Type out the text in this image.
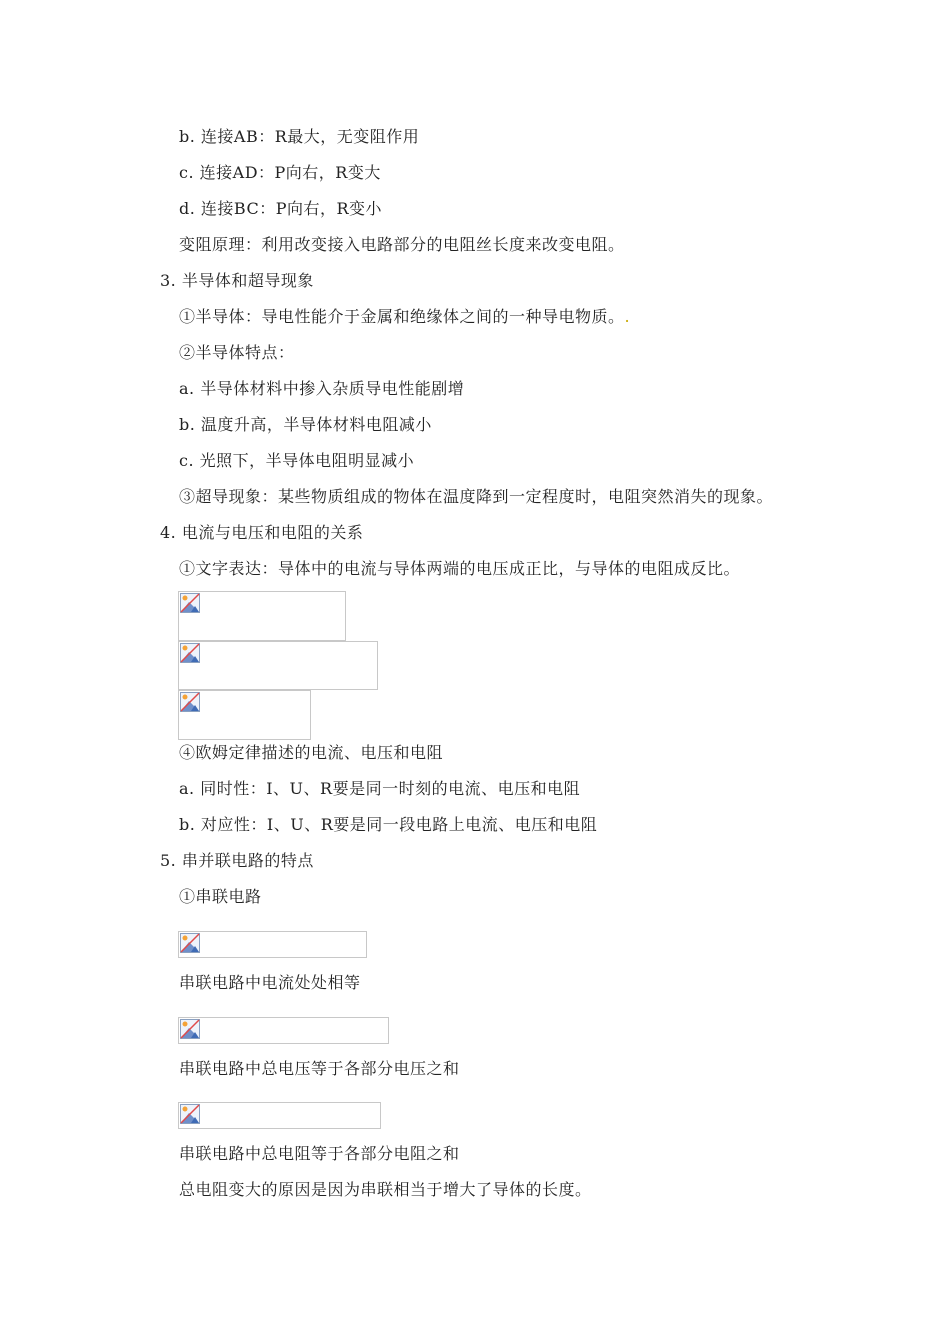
b. 连接AB：R最大，无变阻作用
c. 连接AD：P向右，R变大
d. 连接BC：P向右，R变小
变阻原理：利用改变接入电路部分的电阻丝长度来改变电阻。
3. 半导体和超导现象
①半导体：导电性能介于金属和绝缘体之间的一种导电物质。.
②半导体特点：
a. 半导体材料中掺入杂质导电性能剧增
b. 温度升高，半导体材料电阻减小
c. 光照下，半导体电阻明显减小
③超导现象：某些物质组成的物体在温度降到一定程度时，电阻突然消失的现象。
4. 电流与电压和电阻的关系
①文字表达：导体中的电流与导体两端的电压成正比，与导体的电阻成反比。
④欧姆定律描述的电流、电压和电阻
a. 同时性：I、U、R要是同一时刻的电流、电压和电阻
b. 对应性：I、U、R要是同一段电路上电流、电压和电阻
5. 串并联电路的特点
①串联电路
串联电路中电流处处相等
串联电路中总电压等于各部分电压之和
串联电路中总电阻等于各部分电阻之和
总电阻变大的原因是因为串联相当于增大了导体的长度。
